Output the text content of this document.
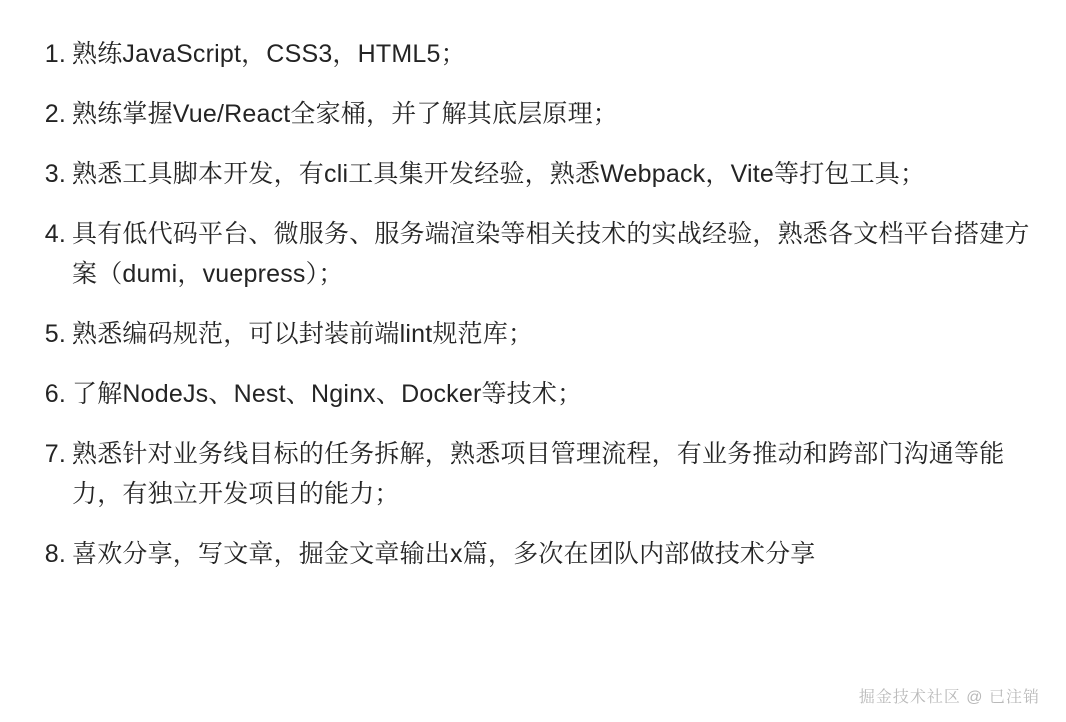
熟练JavaScript，CSS3，HTML5；
熟练掌握Vue/React全家桶，并了解其底层原理；
熟悉工具脚本开发，有cli工具集开发经验，熟悉Webpack，Vite等打包工具；
具有低代码平台、微服务、服务端渲染等相关技术的实战经验，熟悉各文档平台搭建方案（dumi，vuepress）；
熟悉编码规范，可以封装前端lint规范库；
了解NodeJs、Nest、Nginx、Docker等技术；
熟悉针对业务线目标的任务拆解，熟悉项目管理流程，有业务推动和跨部门沟通等能力，有独立开发项目的能力；
喜欢分享，写文章，掘金文章输出x篇，多次在团队内部做技术分享
掘金技术社区 @ 已注销
